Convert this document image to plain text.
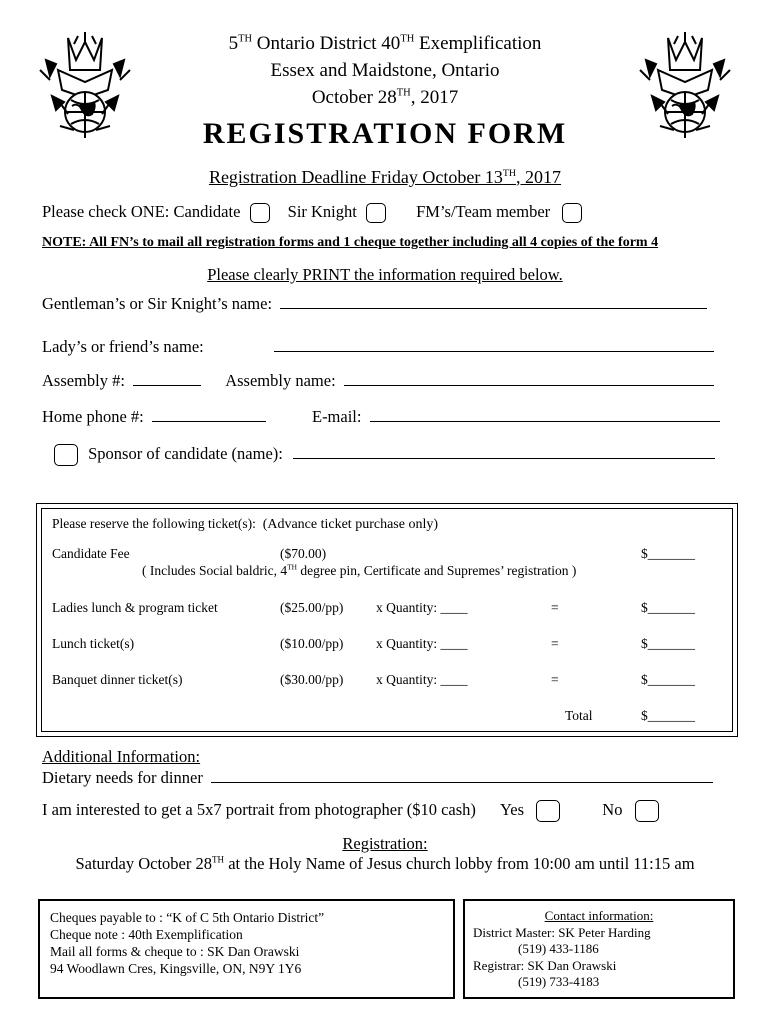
5TH Ontario District 40TH Exemplification
Essex and Maidstone, Ontario
October 28TH, 2017
REGISTRATION FORM
Registration Deadline Friday October 13TH, 2017
Please check ONE: Candidate	Sir Knight	FM’s/Team member
NOTE: All FN’s to mail all registration forms and 1 cheque together including all 4 copies of the form 4
Please clearly PRINT the information required below.
Gentleman’s or Sir Knight’s name:
Lady’s or friend’s name:
Assembly #:	Assembly name:
Home phone #:	E-mail:
Sponsor of candidate (name):
Please reserve the following ticket(s): (Advance ticket purchase only)
Candidate Fee	($70.00)	$_______
( Includes Social baldric, 4TH degree pin, Certificate and Supremes’ registration )
Ladies lunch & program ticket	($25.00/pp) x Quantity: ____	=	$_______
Lunch ticket(s)	($10.00/pp) x Quantity: ____	=	$_______
Banquet dinner ticket(s)	($30.00/pp) x Quantity: ____	=	$_______
Total	$_______
Additional Information:
Dietary needs for dinner
I am interested to get a 5x7 portrait from photographer ($10 cash) Yes	No
Registration:
Saturday October 28TH at the Holy Name of Jesus church lobby from 10:00 am until 11:15 am
Cheques payable to : “K of C 5th Ontario District”
Cheque note : 40th Exemplification
Mail all forms & cheque to : SK Dan Orawski
94 Woodlawn Cres, Kingsville, ON, N9Y 1Y6
Contact information:
District Master: SK Peter Harding
(519) 433-1186
Registrar: SK Dan Orawski
(519) 733-4183
